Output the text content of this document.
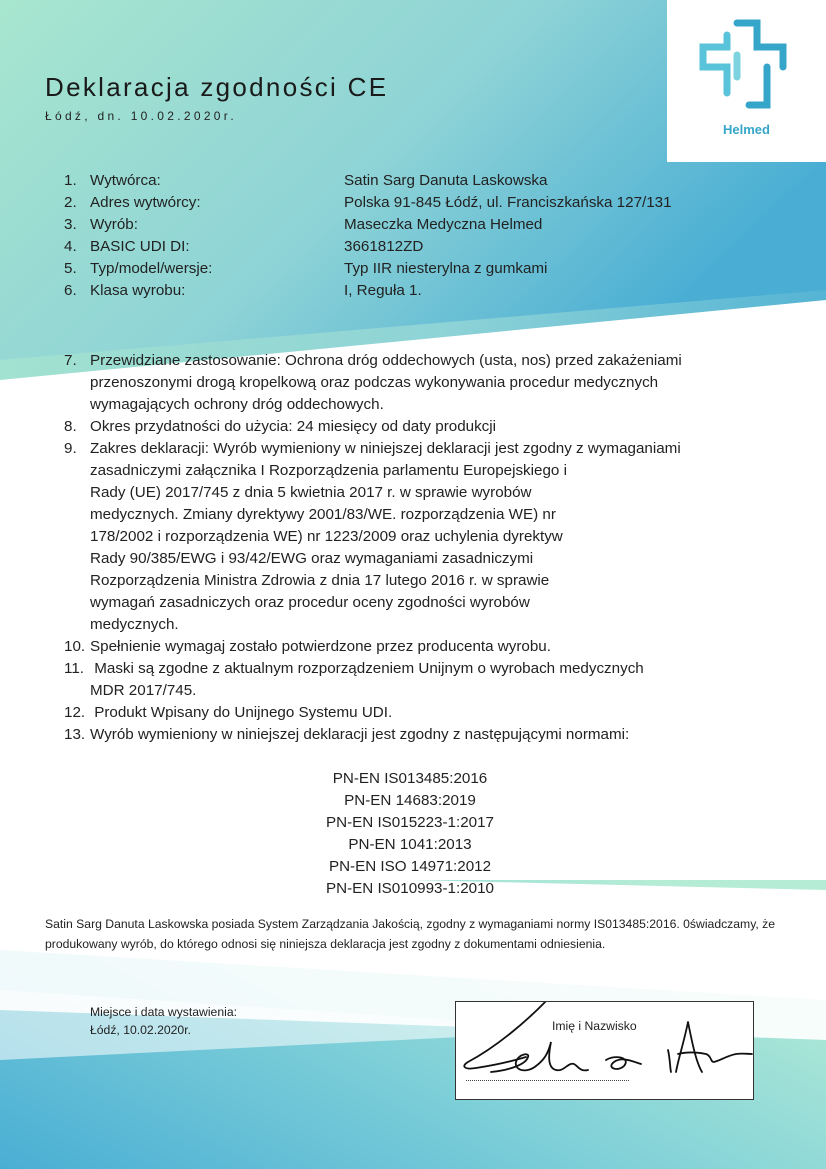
Helmed
Deklaracja zgodności CE
Łódź, dn. 10.02.2020r.
1. Wytwórca:	Satin Sarg Danuta Laskowska
2. Adres wytwórcy:	Polska 91-845 Łódź, ul. Franciszkańska 127/131
3. Wyrób:	Maseczka Medyczna Helmed
4. BASIC UDI DI:	3661812ZD
5. Typ/model/wersje:	Typ IIR niesterylna z gumkami
6. Klasa wyrobu:	I, Reguła 1.
7. Przewidziane zastosowanie: Ochrona dróg oddechowych (usta, nos) przed zakażeniami
przenoszonymi drogą kropelkową oraz podczas wykonywania procedur medycznych
wymagających ochrony dróg oddechowych.
8. Okres przydatności do użycia: 24 miesięcy od daty produkcji
9. Zakres deklaracji: Wyrób wymieniony w niniejszej deklaracji jest zgodny z wymaganiami
zasadniczymi załącznika I Rozporządzenia parlamentu Europejskiego i
Rady (UE) 2017/745 z dnia 5 kwietnia 2017 r. w sprawie wyrobów
medycznych. Zmiany dyrektywy 2001/83/WE. rozporządzenia WE) nr
178/2002 i rozporządzenia WE) nr 1223/2009 oraz uchylenia dyrektyw
Rady 90/385/EWG i 93/42/EWG oraz wymaganiami zasadniczymi
Rozporządzenia Ministra Zdrowia z dnia 17 lutego 2016 r. w sprawie
wymagań zasadniczych oraz procedur oceny zgodności wyrobów
medycznych.
10. Spełnienie wymagaj zostało potwierdzone przez producenta wyrobu.
11. Maski są zgodne z aktualnym rozporządzeniem Unijnym o wyrobach medycznych
MDR 2017/745.
12. Produkt Wpisany do Unijnego Systemu UDI.
13. Wyrób wymieniony w niniejszej deklaracji jest zgodny z następującymi normami:
PN-EN IS013485:2016
PN-EN 14683:2019
PN-EN IS015223-1:2017
PN-EN 1041:2013
PN-EN ISO 14971:2012
PN-EN IS010993-1:2010
Satin Sarg Danuta Laskowska posiada System Zarządzania Jakością, zgodny z wymaganiami normy IS013485:2016. 0świadczamy, że produkowany wyrób, do którego odnosi się niniejsza deklaracja jest zgodny z dokumentami odniesienia.
Miejsce i data wystawienia:
Łódź, 10.02.2020r.	Imię i Nazwisko
